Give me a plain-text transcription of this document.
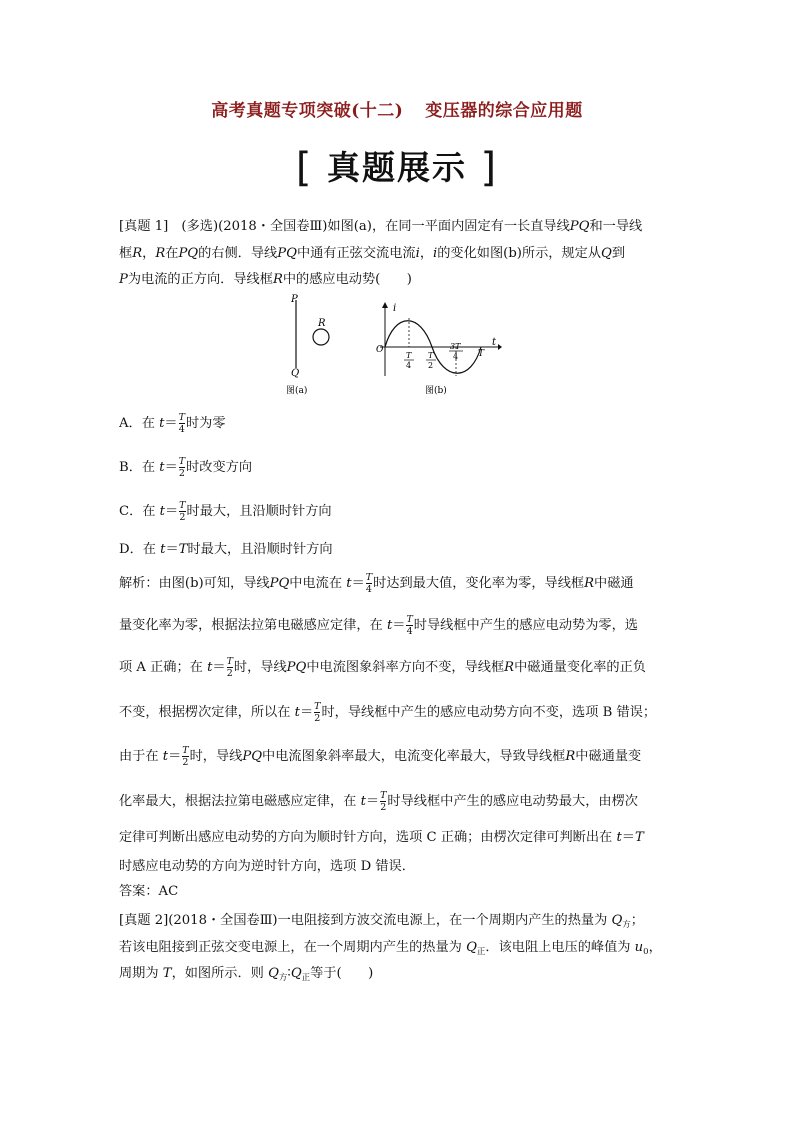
高考真题专项突破(十二) 变压器的综合应用题
[ 真题展示 ]
[真题 1]　(多选)(2018・全国卷Ⅲ)如图(a)，在同一平面内固定有一长直导线PQ和一导线
框R，R在PQ的右侧．导线PQ中通有正弦交流电流i，i的变化如图(b)所示，规定从Q到
P为电流的正方向．导线框R中的感应电动势(　　)
P
Q
R
图(a)
i
t
O
T
4
T
2
3T
4 T
图(b)
A．在 $t= \frac{T}{4}$ 时为零
B．在 $t= \frac{T}{2}$ 时改变方向
C．在 $t= \frac{T}{2}$ 时最大，且沿顺时针方向
D．在 t＝T时最大，且沿顺时针方向
解析：由图(b)可知，导线PQ中电流在 $t= \frac{T}{4}$ 时达到最大值，变化率为零，导线框R中磁通
量变化率为零，根据法拉第电磁感应定律，在 $t= \frac{T}{4}$ 时导线框中产生的感应电动势为零，选
项 A 正确；在 $t= \frac{T}{2}$ 时，导线PQ中电流图象斜率方向不变，导线框R中磁通量变化率的正负
不变，根据楞次定律，所以在 $t= \frac{T}{2}$ 时，导线框中产生的感应电动势方向不变，选项 B 错误；
由于在 $t= \frac{T}{2}$ 时，导线PQ中电流图象斜率最大，电流变化率最大，导致导线框R中磁通量变
化率最大，根据法拉第电磁感应定律，在 $t= \frac{T}{2}$ 时导线框中产生的感应电动势最大，由楞次
定律可判断出感应电动势的方向为顺时针方向，选项 C 正确；由楞次定律可判断出在 t＝T
时感应电动势的方向为逆时针方向，选项 D 错误．
答案：AC
[真题 2](2018・全国卷Ⅲ)一电阻接到方波交流电源上，在一个周期内产生的热量为 $Q_方$；
若该电阻接到正弦交变电源上，在一个周期内产生的热量为 $Q_正$．该电阻上电压的峰值为 $u_0$，
周期为 T，如图所示．则 $Q_方∶Q_正$等于(　　)
